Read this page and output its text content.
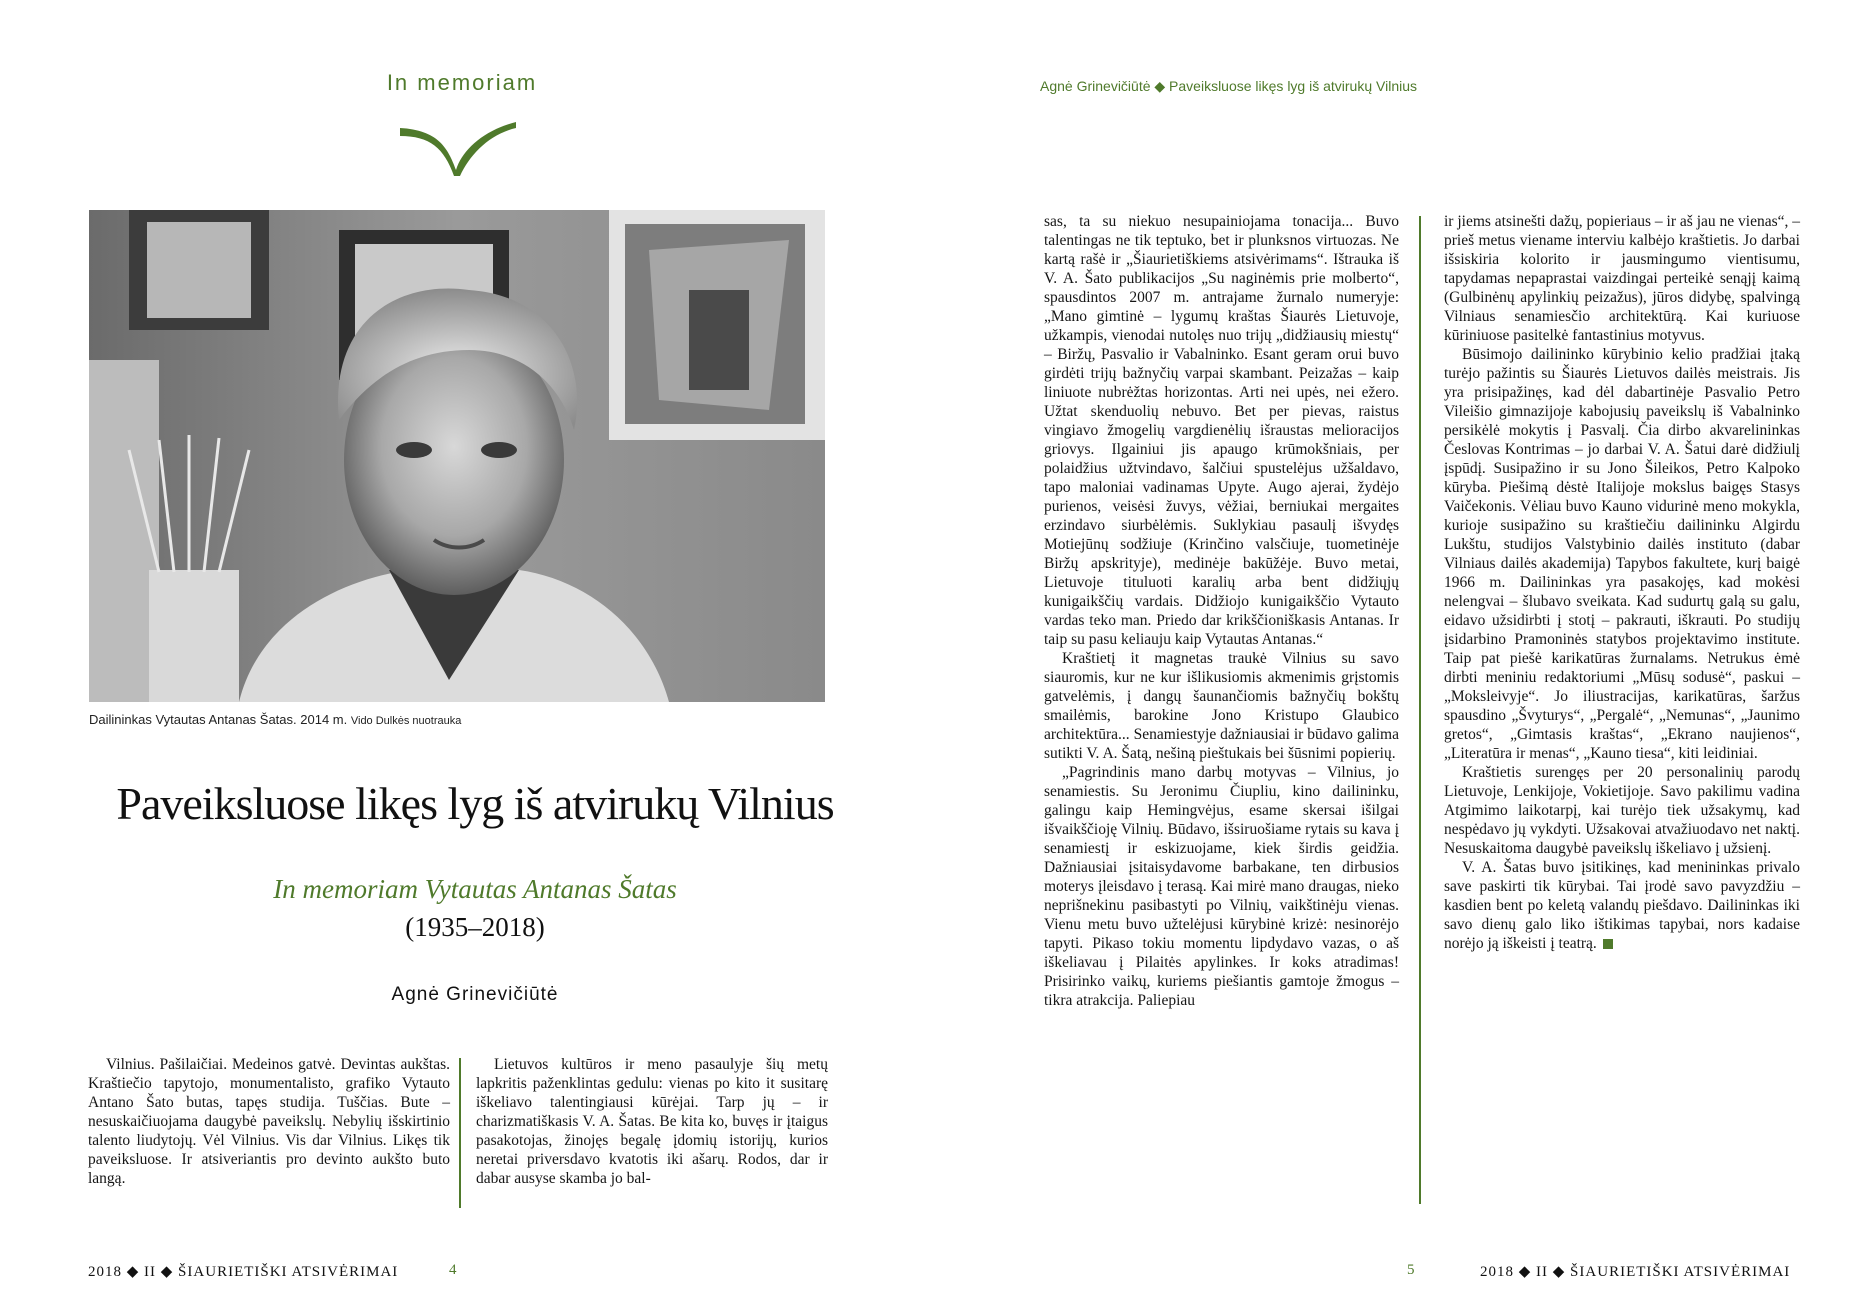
In memoriam	Agnė Grinevičiūtė ◆ Paveiksluose likęs lyg iš atvirukų Vilnius
Dailininkas Vytautas Antanas Šatas. 2014 m. Vido Dulkės nuotrauka
Paveiksluose likęs lyg iš atvirukų Vilnius
In memoriam Vytautas Antanas Šatas
(1935–2018)
Agnė Grinevičiūtė

Vilnius. Pašilaičiai. Medeinos gatvė. Devintas aukštas. Kraštiečio tapytojo, monumentalisto, grafiko Vytauto Antano Šato butas, tapęs studija. Tuščias. Bute – nesuskaičiuojama daugybė paveikslų. Nebylių išskirtinio talento liudytojų. Vėl Vilnius. Vis dar Vilnius. Likęs tik paveiksluose. Ir atsiveriantis pro devinto aukšto buto langą.

Lietuvos kultūros ir meno pasaulyje šių metų lapkritis paženklintas gedulu: vienas po kito it susitarę iškeliavo talentingiausi kūrėjai. Tarp jų – ir charizmatiškasis V. A. Šatas. Be kita ko, buvęs ir įtaigus pasakotojas, žinojęs begalę įdomių istorijų, kurios neretai priversdavo kvatotis iki ašarų. Rodos, dar ir dabar ausyse skamba jo bal-

sas, ta su niekuo nesupainiojama tonacija... Buvo talentingas ne tik teptuko, bet ir plunksnos virtuozas. Ne kartą rašė ir „Šiaurietiškiems atsivėrimams“. Ištrauka iš V. A. Šato publikacijos „Su naginėmis prie molberto“, spausdintos 2007 m. antrajame žurnalo numeryje: „Mano gimtinė – lygumų kraštas Šiaurės Lietuvoje, užkampis, vienodai nutolęs nuo trijų „didžiausių miestų“ – Biržų, Pasvalio ir Vabalninko. Esant geram orui buvo girdėti trijų bažnyčių varpai skambant. Peizažas – kaip liniuote nubrėžtas horizontas. Arti nei upės, nei ežero. Užtat skenduolių nebuvo. Bet per pievas, raistus vingiavo žmogelių vargdienėlių išraustas melioracijos griovys. Ilgainiui jis apaugo krūmokšniais, per polaidžius užtvindavo, šalčiui spustelėjus užšaldavo, tapo maloniai vadinamas Upyte. Augo ajerai, žydėjo purienos, veisėsi žuvys, vėžiai, berniukai mergaites erzindavo siurbėlėmis. Suklykiau pasaulį išvydęs Motiejūnų sodžiuje (Krinčino valsčiuje, tuometinėje Biržų apskrityje), medinėje bakūžėje. Buvo metai, Lietuvoje tituluoti karalių arba bent didžiųjų kunigaikščių vardais. Didžiojo kunigaikščio Vytauto vardas teko man. Priedo dar krikščioniškasis Antanas. Ir taip su pasu keliauju kaip Vytautas Antanas.“

Kraštietį it magnetas traukė Vilnius su savo siauromis, kur ne kur išlikusiomis akmenimis grįstomis gatvelėmis, į dangų šaunančiomis bažnyčių bokštų smailėmis, barokine Jono Kristupo Glaubico architektūra... Senamiestyje dažniausiai ir būdavo galima sutikti V. A. Šatą, nešiną pieštukais bei šūsnimi popierių.

„Pagrindinis mano darbų motyvas – Vilnius, jo senamiestis. Su Jeronimu Čiupliu, kino dailininku, galingu kaip Hemingvėjus, esame skersai išilgai išvaikščioję Vilnių. Būdavo, išsiruošiame rytais su kava į senamiestį ir eskizuojame, kiek širdis geidžia. Dažniausiai įsitaisydavome barbakane, ten dirbusios moterys įleisdavo į terasą. Kai mirė mano draugas, nieko neprišnekinu pasibastyti po Vilnių, vaikštinėju vienas. Vienu metu buvo užtelėjusi kūrybinė krizė: nesinorėjo tapyti. Pikaso tokiu momentu lipdydavo vazas, o aš iškeliavau į Pilaitės apylinkes. Ir koks atradimas! Prisirinko vaikų, kuriems piešiantis gamtoje žmogus – tikra atrakcija. Paliepiau

ir jiems atsinešti dažų, popieriaus – ir aš jau ne vienas“, – prieš metus viename interviu kalbėjo kraštietis. Jo darbai išsiskiria kolorito ir jausmingumo vientisumu, tapydamas nepaprastai vaizdingai perteikė senąjį kaimą (Gulbinėnų apylinkių peizažus), jūros didybę, spalvingą Vilniaus senamiesčio architektūrą. Kai kuriuose kūriniuose pasitelkė fantastinius motyvus.

Būsimojo dailininko kūrybinio kelio pradžiai įtaką turėjo pažintis su Šiaurės Lietuvos dailės meistrais. Jis yra prisipažinęs, kad dėl dabartinėje Pasvalio Petro Vileišio gimnazijoje kabojusių paveikslų iš Vabalninko persikėlė mokytis į Pasvalį. Čia dirbo akvarelininkas Česlovas Kontrimas – jo darbai V. A. Šatui darė didžiulį įspūdį. Susipažino ir su Jono Šileikos, Petro Kalpoko kūryba. Piešimą dėstė Italijoje mokslus baigęs Stasys Vaičekonis. Vėliau buvo Kauno vidurinė meno mokykla, kurioje susipažino su kraštiečiu dailininku Algirdu Lukštu, studijos Valstybinio dailės instituto (dabar Vilniaus dailės akademija) Tapybos fakultete, kurį baigė 1966 m. Dailininkas yra pasakojęs, kad mokėsi nelengvai – šlubavo sveikata. Kad sudurtų galą su galu, eidavo užsidirbti į stotį – pakrauti, iškrauti. Po studijų įsidarbino Pramoninės statybos projektavimo institute. Taip pat piešė karikatūras žurnalams. Netrukus ėmė dirbti meniniu redaktoriumi „Mūsų sodusė“, paskui – „Moksleivyje“. Jo iliustracijas, karikatūras, šaržus spausdino „Švyturys“, „Pergalė“, „Nemunas“, „Jaunimo gretos“, „Gimtasis kraštas“, „Ekrano naujienos“, „Literatūra ir menas“, „Kauno tiesa“, kiti leidiniai.

Kraštietis surengęs per 20 personalinių parodų Lietuvoje, Lenkijoje, Vokietijoje. Savo pakilimu vadina Atgimimo laikotarpį, kai turėjo tiek užsakymų, kad nespėdavo jų vykdyti. Užsakovai atvažiuodavo net naktį. Nesuskaitoma daugybė paveikslų iškeliavo į užsienį.

V. A. Šatas buvo įsitikinęs, kad menininkas privalo save paskirti tik kūrybai. Tai įrodė savo pavyzdžiu – kasdien bent po keletą valandų piešdavo. Dailininkas iki savo dienų galo liko ištikimas tapybai, nors kadaise norėjo ją iškeisti į teatrą.

2018 ◆ II ◆ ŠIAURIETIŠKI ATSIVĖRIMAI	4	5	2018 ◆ II ◆ ŠIAURIETIŠKI ATSIVĖRIMAI
